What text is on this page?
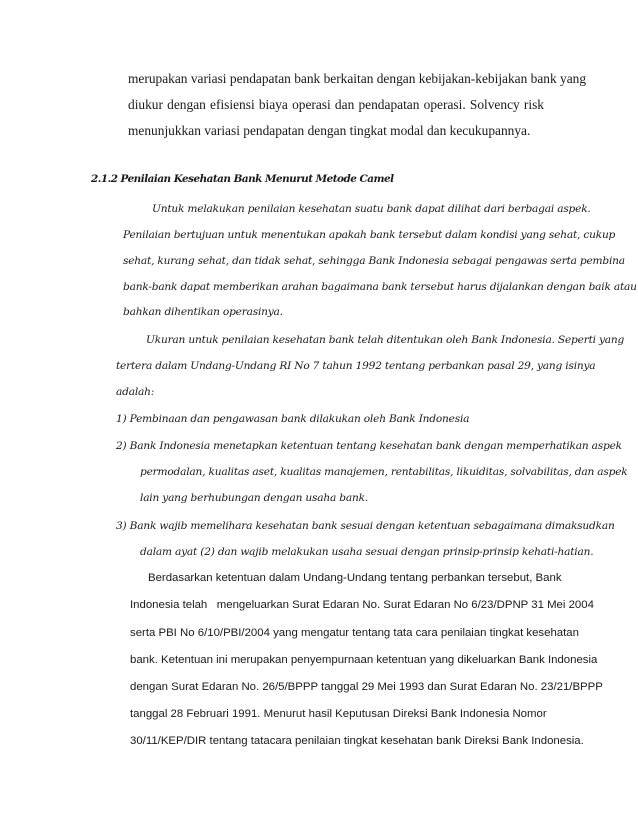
merupakan variasi pendapatan bank berkaitan dengan kebijakan-kebijakan bank yang
diukur dengan efisiensi biaya operasi dan pendapatan operasi. Solvency risk
menunjukkan variasi pendapatan dengan tingkat modal dan kecukupannya.
2.1.2 Penilaian Kesehatan Bank Menurut Metode Camel
Untuk melakukan penilaian kesehatan suatu bank dapat dilihat dari berbagai aspek.
Penilaian bertujuan untuk menentukan apakah bank tersebut dalam kondisi yang sehat, cukup
sehat, kurang sehat, dan tidak sehat, sehingga Bank Indonesia sebagai pengawas serta pembina
bank-bank dapat memberikan arahan bagaimana bank tersebut harus dijalankan dengan baik atau
bahkan dihentikan operasinya.
Ukuran untuk penilaian kesehatan bank telah ditentukan oleh Bank Indonesia. Seperti yang
tertera dalam Undang-Undang RI No 7 tahun 1992 tentang perbankan pasal 29, yang isinya
adalah:
1) Pembinaan dan pengawasan bank dilakukan oleh Bank Indonesia
2) Bank Indonesia menetapkan ketentuan tentang kesehatan bank dengan memperhatikan aspek
permodalan, kualitas aset, kualitas manajemen, rentabilitas, likuiditas, solvabilitas, dan aspek
lain yang berhubungan dengan usaha bank.
3) Bank wajib memelihara kesehatan bank sesuai dengan ketentuan sebagaimana dimaksudkan
dalam ayat (2) dan wajib melakukan usaha sesuai dengan prinsip-prinsip kehati-hatian.
Berdasarkan ketentuan dalam Undang-Undang tentang perbankan tersebut, Bank
Indonesia telah   mengeluarkan Surat Edaran No. Surat Edaran No 6/23/DPNP 31 Mei 2004
serta PBI No 6/10/PBI/2004 yang mengatur tentang tata cara penilaian tingkat kesehatan
bank. Ketentuan ini merupakan penyempurnaan ketentuan yang dikeluarkan Bank Indonesia
dengan Surat Edaran No. 26/5/BPPP tanggal 29 Mei 1993 dan Surat Edaran No. 23/21/BPPP
tanggal 28 Februari 1991. Menurut hasil Keputusan Direksi Bank Indonesia Nomor
30/11/KEP/DIR tentang tatacara penilaian tingkat kesehatan bank Direksi Bank Indonesia.
